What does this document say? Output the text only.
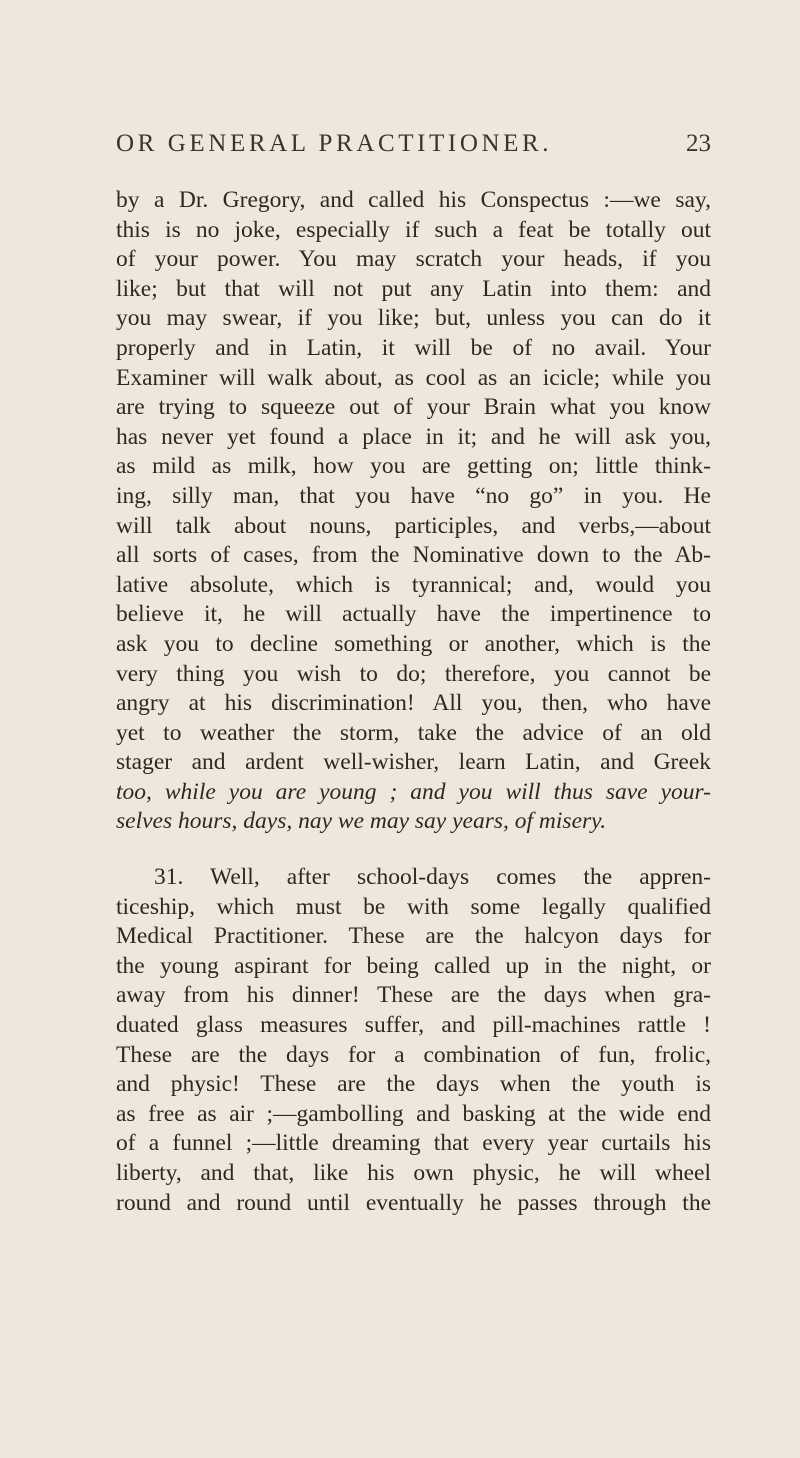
OR GENERAL PRACTITIONER.	23
by a Dr. Gregory, and called his Conspectus :—we say,
this is no joke, especially if such a feat be totally out
of your power. You may scratch your heads, if you
like; but that will not put any Latin into them: and
you may swear, if you like; but, unless you can do it
properly and in Latin, it will be of no avail. Your
Examiner will walk about, as cool as an icicle; while you
are trying to squeeze out of your Brain what you know
has never yet found a place in it; and he will ask you,
as mild as milk, how you are getting on; little think-
ing, silly man, that you have “no go” in you. He
will talk about nouns, participles, and verbs,—about
all sorts of cases, from the Nominative down to the Ab-
lative absolute, which is tyrannical; and, would you
believe it, he will actually have the impertinence to
ask you to decline something or another, which is the
very thing you wish to do; therefore, you cannot be
angry at his discrimination! All you, then, who have
yet to weather the storm, take the advice of an old
stager and ardent well-wisher, learn Latin, and Greek
too, while you are young ; and you will thus save your-
selves hours, days, nay we may say years, of misery.
31. Well, after school-days comes the appren-
ticeship, which must be with some legally qualified
Medical Practitioner. These are the halcyon days for
the young aspirant for being called up in the night, or
away from his dinner! These are the days when gra-
duated glass measures suffer, and pill-machines rattle !
These are the days for a combination of fun, frolic,
and physic! These are the days when the youth is
as free as air ;—gambolling and basking at the wide end
of a funnel ;—little dreaming that every year curtails his
liberty, and that, like his own physic, he will wheel
round and round until eventually he passes through the
